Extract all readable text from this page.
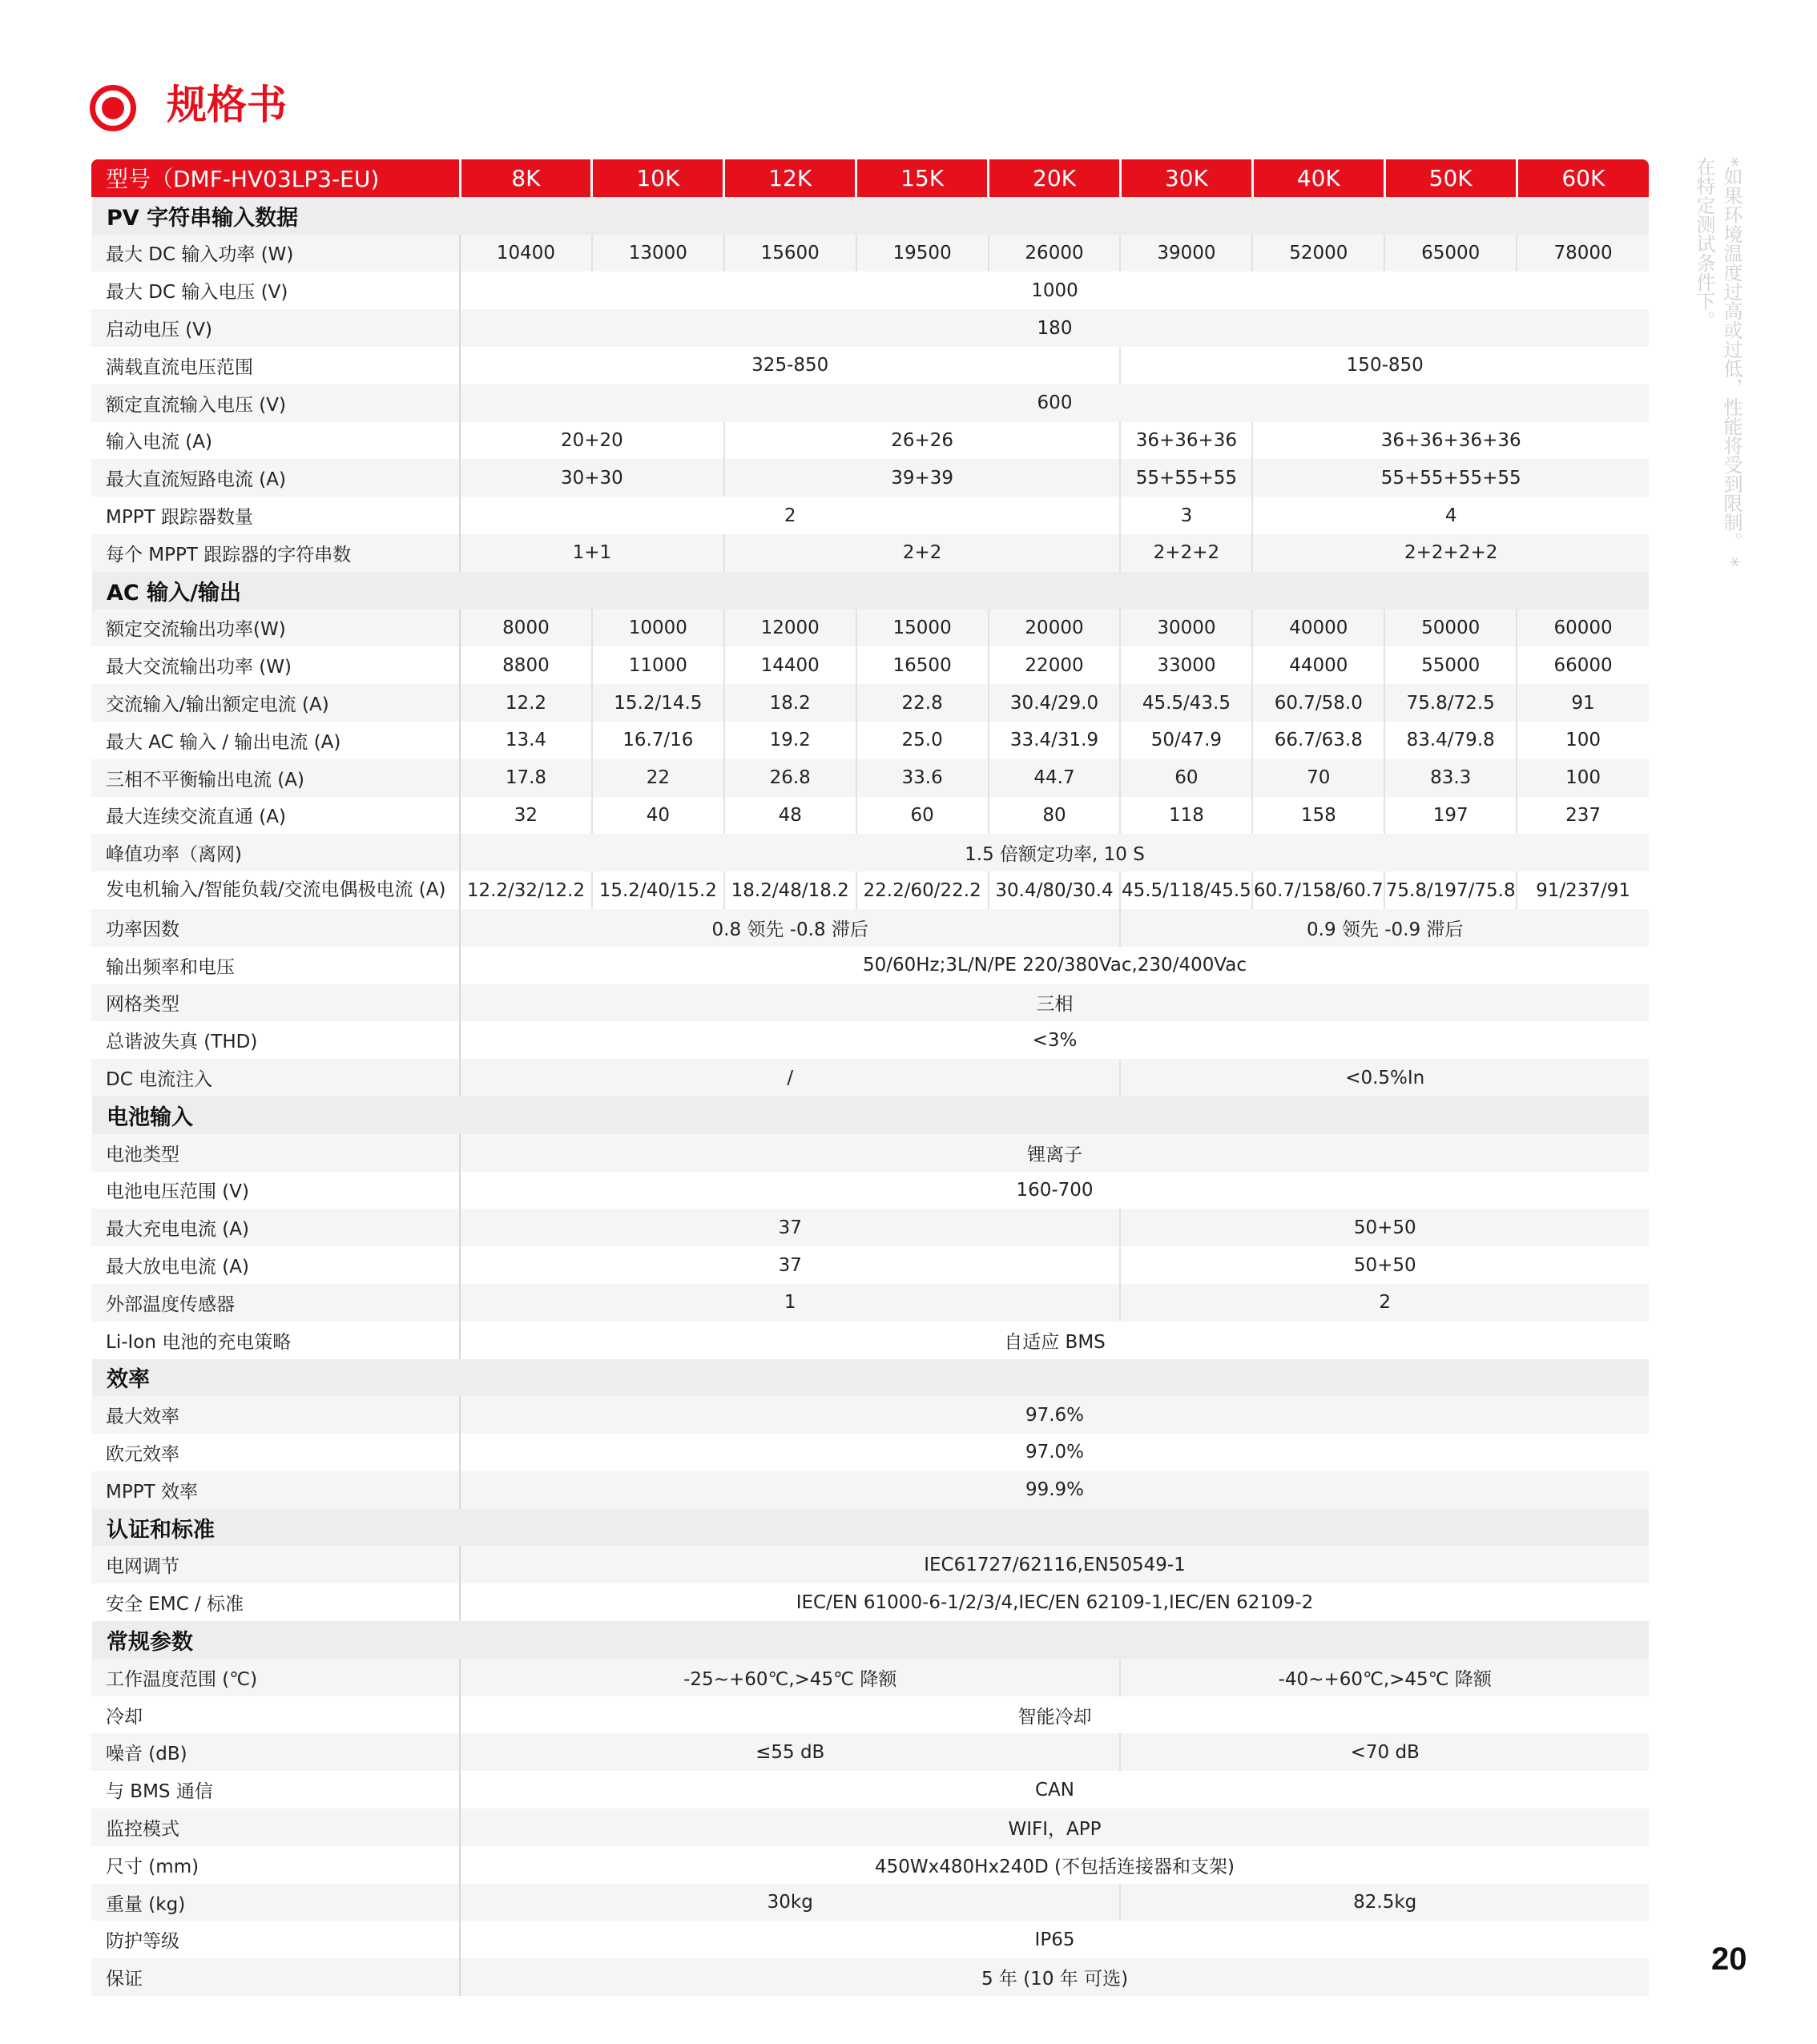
规格书
*如果环境温度过高或过低，性能将受到限制。 *在特定测试条件下。
型号（DMF-HV03LP3-EU)	8K	10K	12K	15K	20K	30K	40K	50K	60K
PV 字符串输入数据									
最大 DC 输入功率 (W)	10400	13000	15600	19500	26000	39000	52000	65000	78000
最大 DC 输入电压 (V)	1000								
启动电压 (V)	180								
满载直流电压范围	325-850					150-850			
额定直流输入电压 (V)	600								
输入电流 (A)	20+20		26+26			36+36+36	36+36+36+36		
最大直流短路电流 (A)	30+30		39+39			55+55+55	55+55+55+55		
MPPT 跟踪器数量	2					3	4		
每个 MPPT 跟踪器的字符串数	1+1		2+2			2+2+2	2+2+2+2		
AC 输入/输出									
额定交流输出功率(W)	8000	10000	12000	15000	20000	30000	40000	50000	60000
最大交流输出功率 (W)	8800	11000	14400	16500	22000	33000	44000	55000	66000
交流输入/输出额定电流 (A)	12.2	15.2/14.5	18.2	22.8	30.4/29.0	45.5/43.5	60.7/58.0	75.8/72.5	91
最大 AC 输入 / 输出电流 (A)	13.4	16.7/16	19.2	25.0	33.4/31.9	50/47.9	66.7/63.8	83.4/79.8	100
三相不平衡输出电流 (A)	17.8	22	26.8	33.6	44.7	60	70	83.3	100
最大连续交流直通 (A)	32	40	48	60	80	118	158	197	237
峰值功率（离网)	1.5 倍额定功率, 10 S								
发电机输入/智能负载/交流电偶极电流 (A)	12.2/32/12.2	15.2/40/15.2	18.2/48/18.2	22.2/60/22.2	30.4/80/30.4	45.5/118/45.5	60.7/158/60.7	75.8/197/75.8	91/237/91
功率因数	0.8 领先 -0.8 滞后					0.9 领先 -0.9 滞后			
输出频率和电压	50/60Hz;3L/N/PE 220/380Vac,230/400Vac								
网格类型	三相								
总谐波失真 (THD)	<3%								
DC 电流注入	/					<0.5%In			
电池输入									
电池类型	锂离子								
电池电压范围 (V)	160-700								
最大充电电流 (A)	37					50+50			
最大放电电流 (A)	37					50+50			
外部温度传感器	1					2			
Li-Ion 电池的充电策略	自适应 BMS								
效率									
最大效率	97.6%								
欧元效率	97.0%								
MPPT 效率	99.9%								
认证和标准									
电网调节	IEC61727/62116,EN50549-1								
安全 EMC / 标准	IEC/EN 61000-6-1/2/3/4,IEC/EN 62109-1,IEC/EN 62109-2								
常规参数									
工作温度范围 (℃)	-25~+60℃,>45℃ 降额					-40~+60℃,>45℃ 降额			
冷却	智能冷却								
噪音 (dB)	≤55 dB					<70 dB			
与 BMS 通信	CAN								
监控模式	WIFI，APP								
尺寸 (mm)	450Wx480Hx240D (不包括连接器和支架)								
重量 (kg)	30kg					82.5kg			
防护等级	IP65								
保证	5 年 (10 年 可选)								
20
